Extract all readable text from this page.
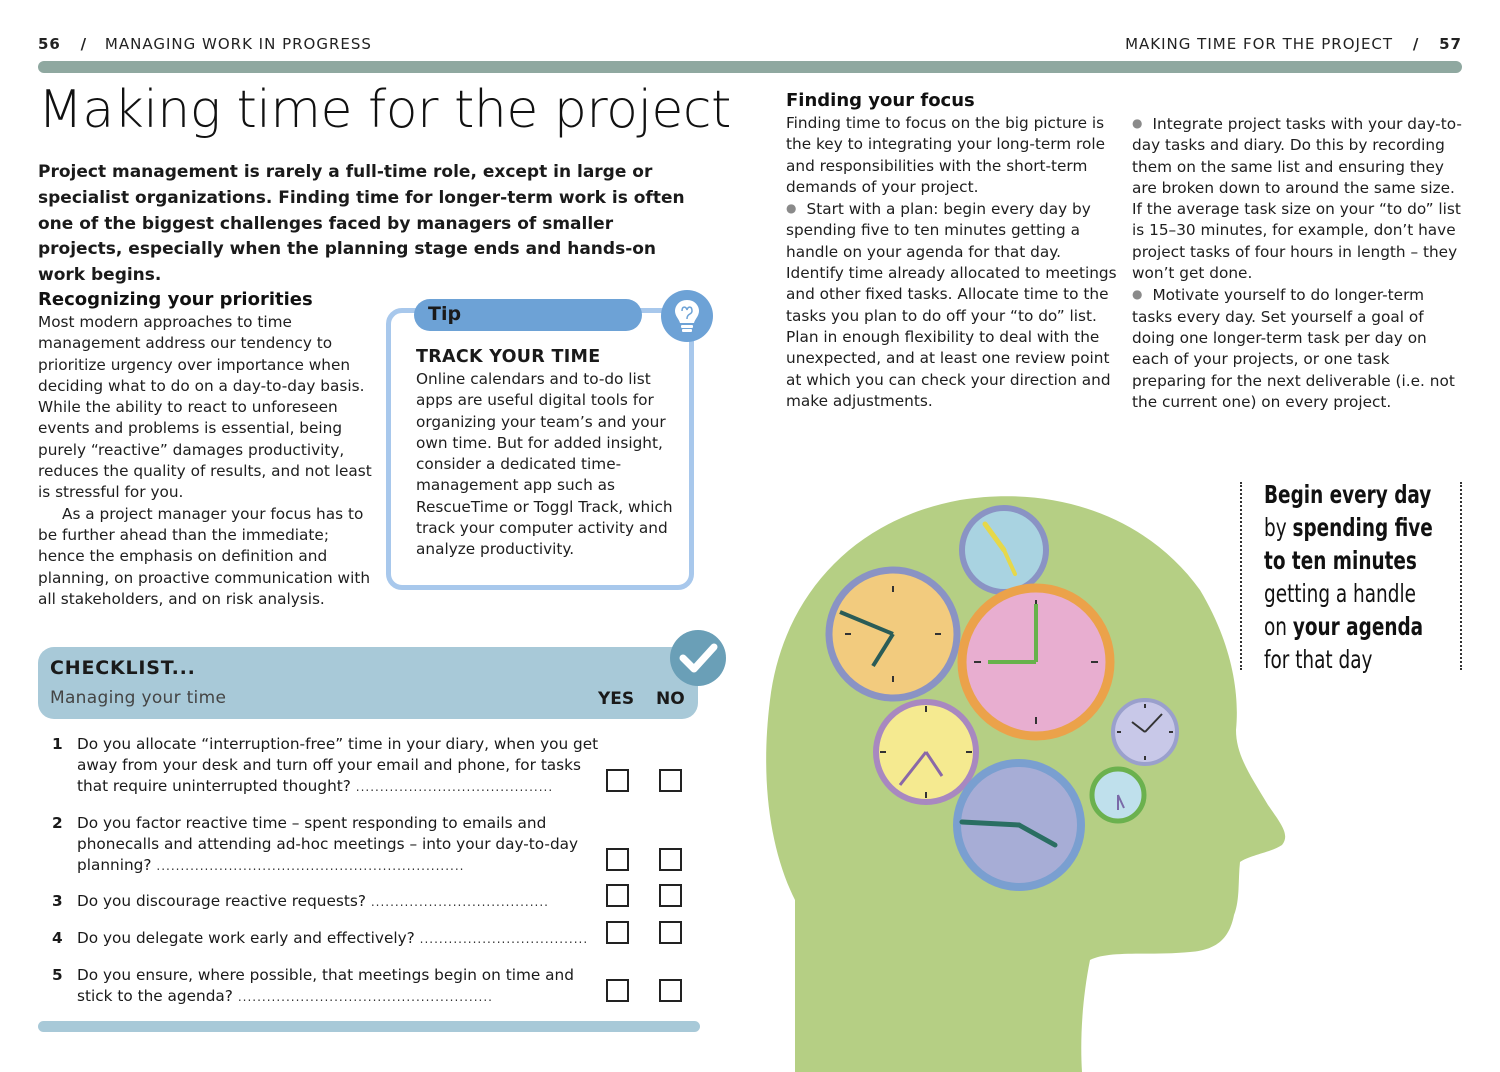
56 / MANAGING WORK IN PROGRESS	MAKING TIME FOR THE PROJECT / 57
Making time for the project
Project management is rarely a full-time role, except in large or specialist organizations. Finding time for longer-term work is often one of the biggest challenges faced by managers of smaller projects, especially when the planning stage ends and hands-on work begins.
Recognizing your priorities

Most modern approaches to time management address our tendency to prioritize urgency over importance when deciding what to do on a day-to-day basis. While the ability to react to unforeseen events and problems is essential, being purely “reactive” damages productivity, reduces the quality of results, and not least is stressful for you.

As a project manager your focus has to be further ahead than the immediate; hence the emphasis on definition and planning, on proactive communication with all stakeholders, and on risk analysis.

Tip
TRACK YOUR TIME
Online calendars and to-do list apps are useful digital tools for organizing your team’s and your own time. But for added insight, consider a dedicated time-management app such as RescueTime or Toggl Track, which track your computer activity and analyze productivity.
CHECKLIST...
Managing your time	YES NO
1 Do you allocate “interruption-free” time in your diary, when you get away from your desk and turn off your email and phone, for tasks that require uninterrupted thought? .........................................
2 Do you factor reactive time – spent responding to emails and phonecalls and attending ad-hoc meetings – into your day-to-day planning? ................................................................
3 Do you discourage reactive requests? .....................................
4 Do you delegate work early and effectively? ...................................
5 Do you ensure, where possible, that meetings begin on time and stick to the agenda? .....................................................
Finding your focus

Finding time to focus on the big picture is the key to integrating your long-term role and responsibilities with the short-term demands of your project.

● Start with a plan: begin every day by spending five to ten minutes getting a handle on your agenda for that day. Identify time already allocated to meetings and other fixed tasks. Allocate time to the tasks you plan to do off your “to do” list. Plan in enough flexibility to deal with the unexpected, and at least one review point at which you can check your direction and make adjustments.

● Integrate project tasks with your day-to-day tasks and diary. Do this by recording them on the same list and ensuring they are broken down to around the same size. If the average task size on your “to do” list is 15–30 minutes, for example, don’t have project tasks of four hours in length – they won’t get done.

● Motivate yourself to do longer-term tasks every day. Set yourself a goal of doing one longer-term task per day on each of your projects, or one task preparing for the next deliverable (i.e. not the current one) on every project.

Begin every day
by spending five
to ten minutes
getting a handle
on your agenda
for that day
